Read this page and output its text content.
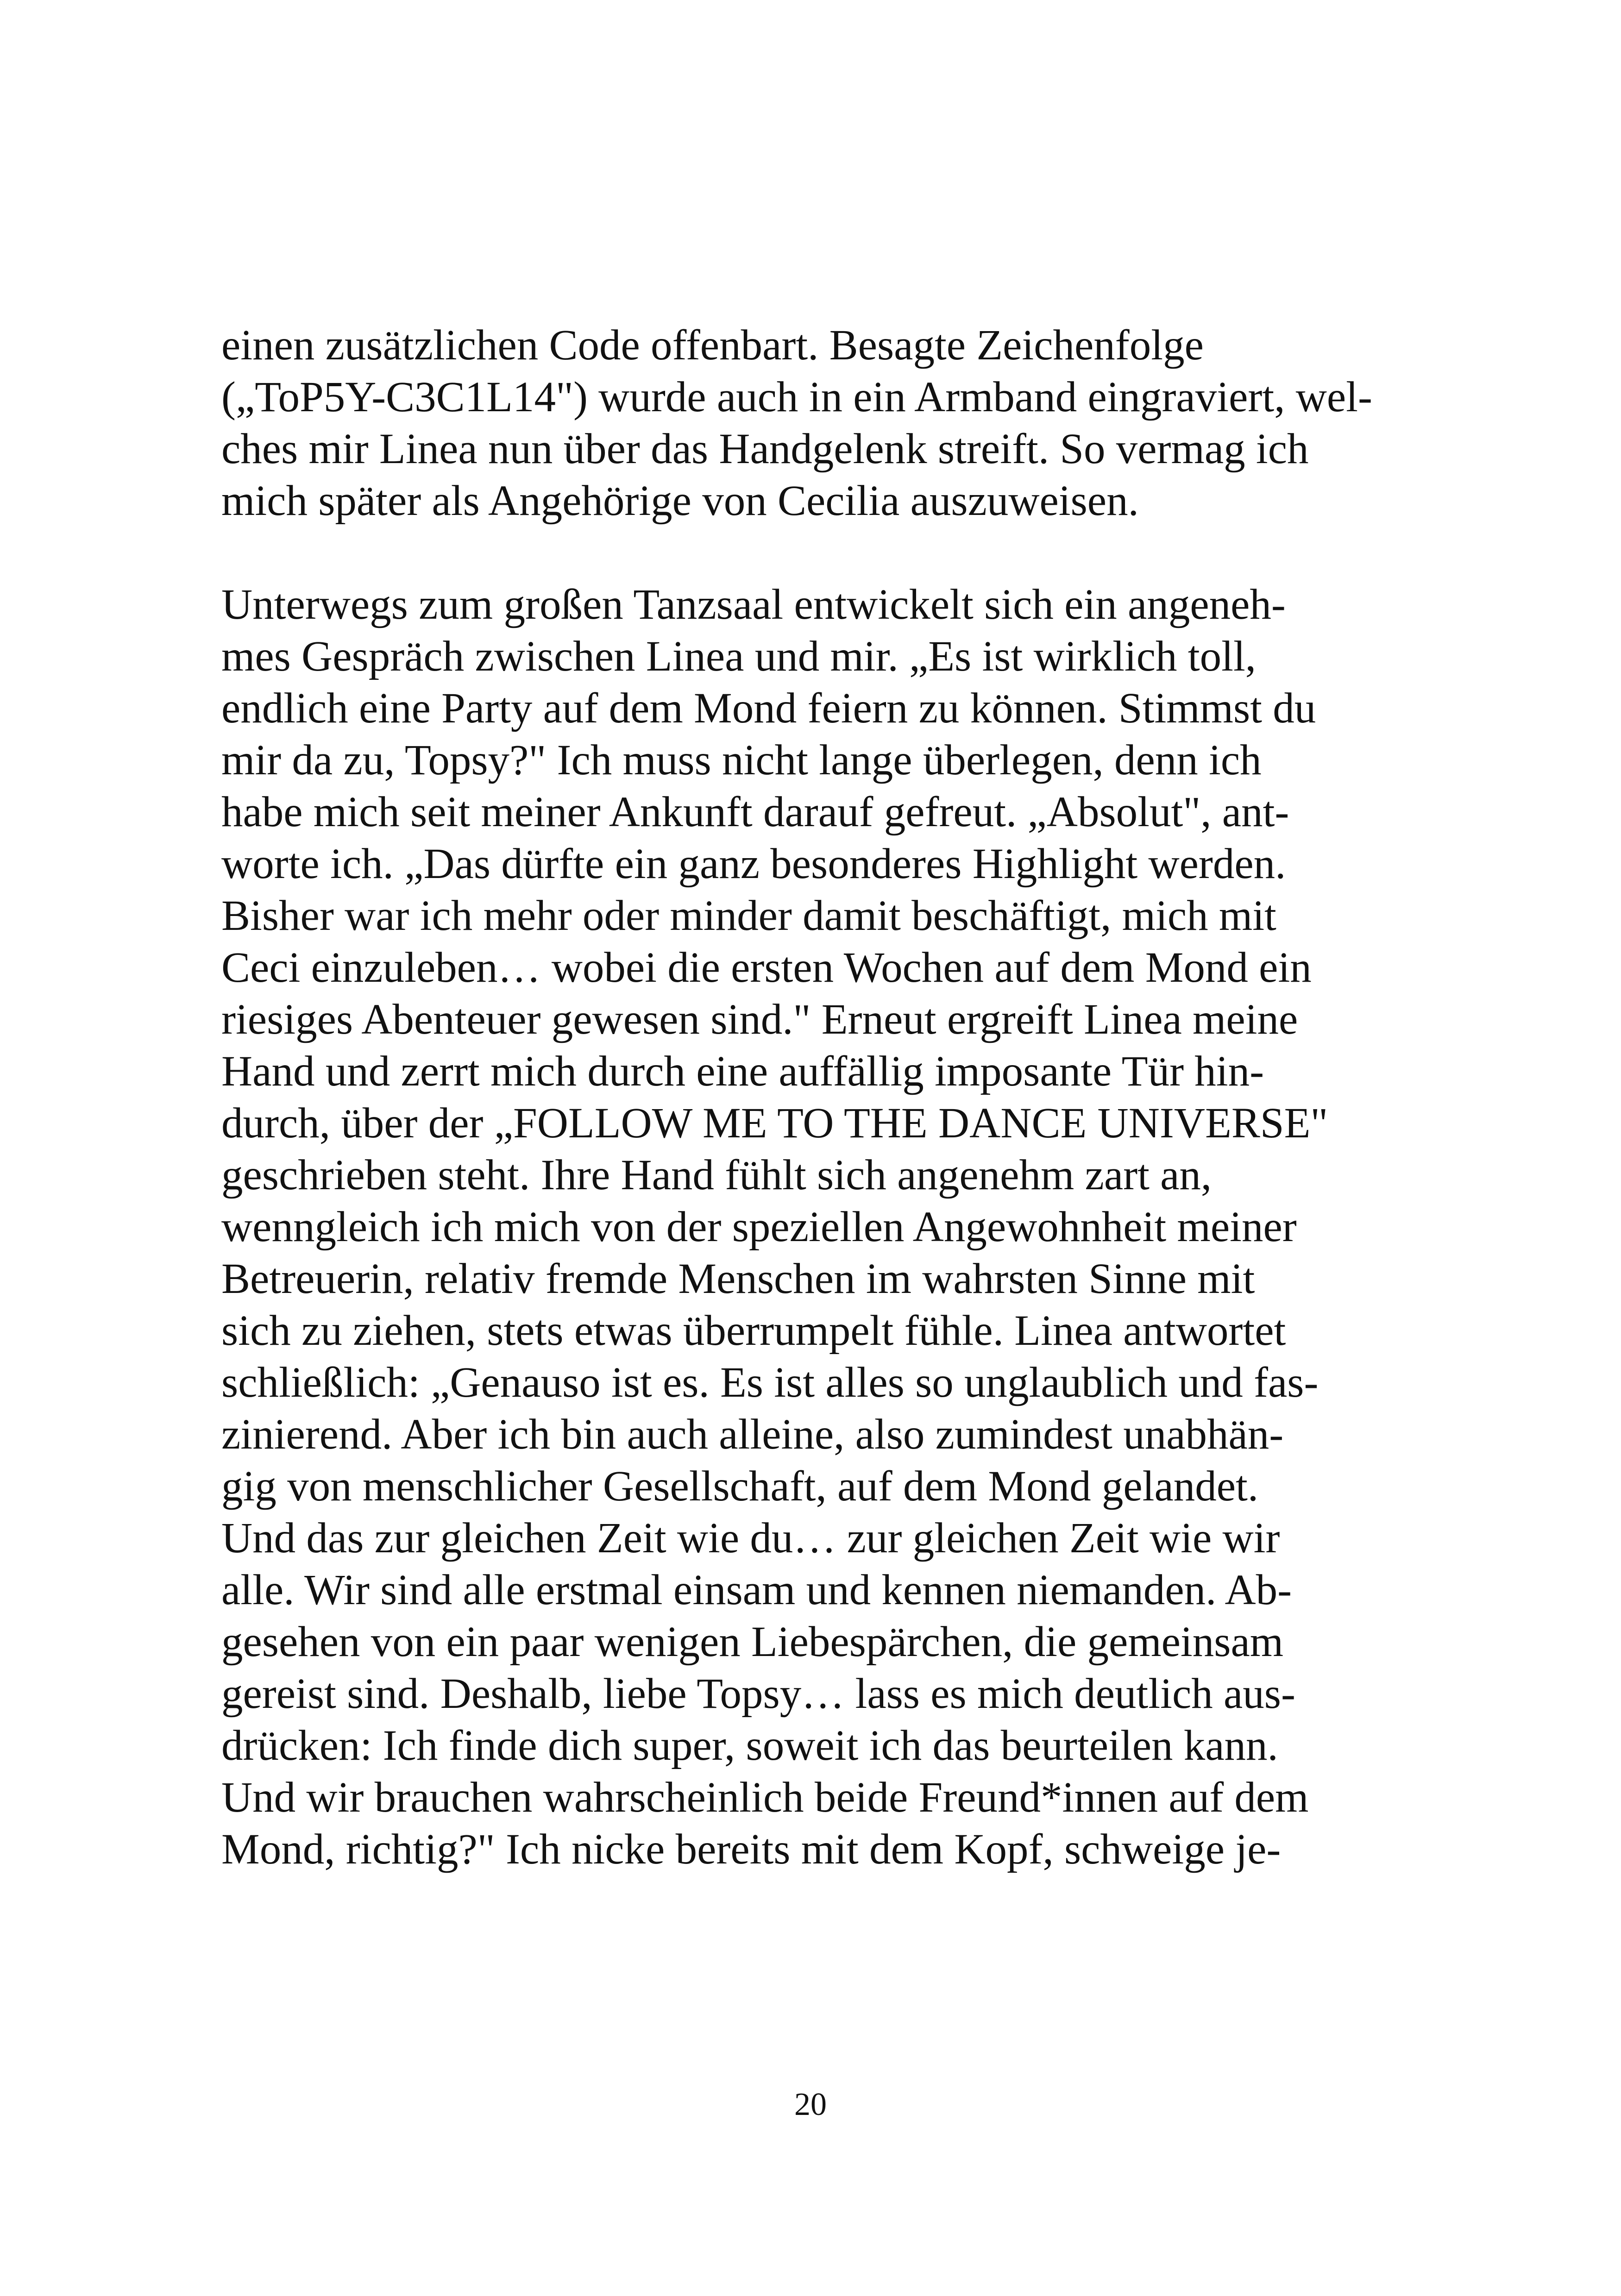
einen zusätzlichen Code offenbart. Besagte Zeichenfolge
(„ToP5Y-C3C1L14") wurde auch in ein Armband eingraviert, wel-
ches mir Linea nun über das Handgelenk streift. So vermag ich
mich später als Angehörige von Cecilia auszuweisen.

Unterwegs zum großen Tanzsaal entwickelt sich ein angeneh-
mes Gespräch zwischen Linea und mir. „Es ist wirklich toll,
endlich eine Party auf dem Mond feiern zu können. Stimmst du
mir da zu, Topsy?" Ich muss nicht lange überlegen, denn ich
habe mich seit meiner Ankunft darauf gefreut. „Absolut", ant-
worte ich. „Das dürfte ein ganz besonderes Highlight werden.
Bisher war ich mehr oder minder damit beschäftigt, mich mit
Ceci einzuleben… wobei die ersten Wochen auf dem Mond ein
riesiges Abenteuer gewesen sind." Erneut ergreift Linea meine
Hand und zerrt mich durch eine auffällig imposante Tür hin-
durch, über der „FOLLOW ME TO THE DANCE UNIVERSE"
geschrieben steht. Ihre Hand fühlt sich angenehm zart an,
wenngleich ich mich von der speziellen Angewohnheit meiner
Betreuerin, relativ fremde Menschen im wahrsten Sinne mit
sich zu ziehen, stets etwas überrumpelt fühle. Linea antwortet
schließlich: „Genauso ist es. Es ist alles so unglaublich und fas-
zinierend. Aber ich bin auch alleine, also zumindest unabhän-
gig von menschlicher Gesellschaft, auf dem Mond gelandet.
Und das zur gleichen Zeit wie du… zur gleichen Zeit wie wir
alle. Wir sind alle erstmal einsam und kennen niemanden. Ab-
gesehen von ein paar wenigen Liebespärchen, die gemeinsam
gereist sind. Deshalb, liebe Topsy… lass es mich deutlich aus-
drücken: Ich finde dich super, soweit ich das beurteilen kann.
Und wir brauchen wahrscheinlich beide Freund*innen auf dem
Mond, richtig?" Ich nicke bereits mit dem Kopf, schweige je-

20
